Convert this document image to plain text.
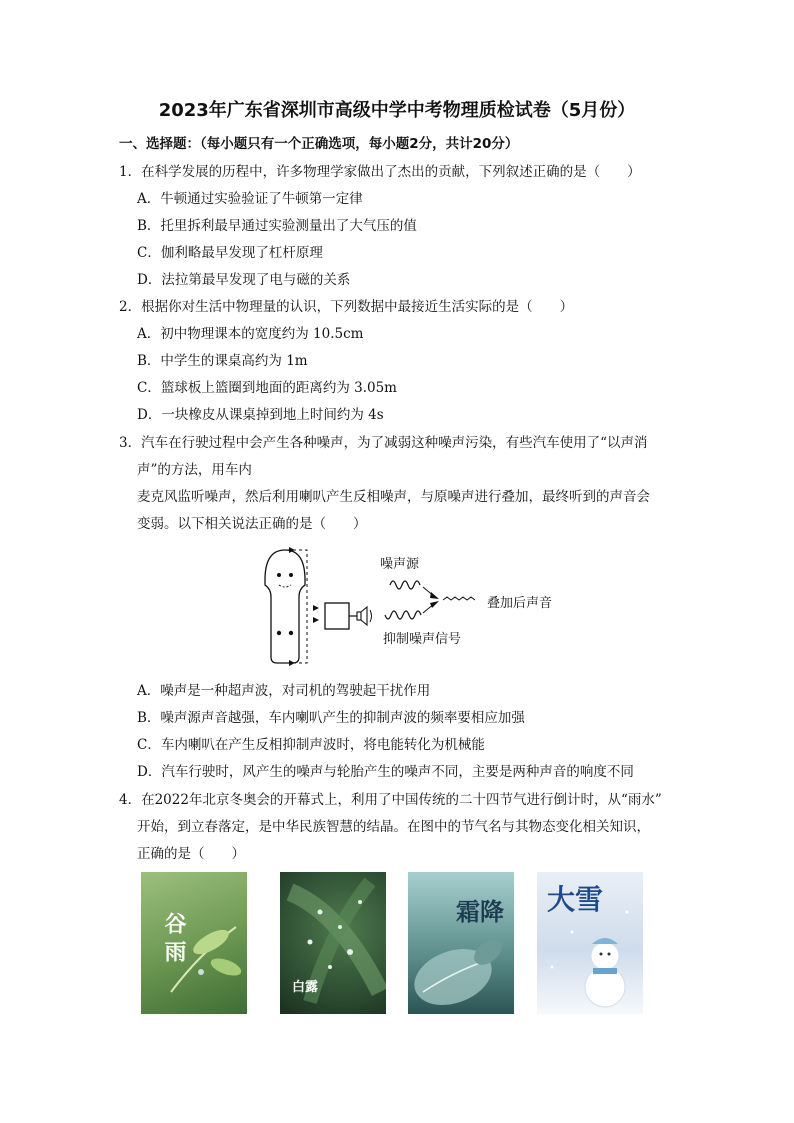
2023年广东省深圳市高级中学中考物理质检试卷（5月份）
一、选择题：（每小题只有一个正确选项，每小题2分，共计20分）
1．在科学发展的历程中，许多物理学家做出了杰出的贡献，下列叙述正确的是（　　）
A．牛顿通过实验验证了牛顿第一定律
B．托里拆利最早通过实验测量出了大气压的值
C．伽利略最早发现了杠杆原理
D．法拉第最早发现了电与磁的关系
2．根据你对生活中物理量的认识，下列数据中最接近生活实际的是（　　）
A．初中物理课本的宽度约为 10.5cm
B．中学生的课桌高约为 1m
C．篮球板上篮圈到地面的距离约为 3.05m
D．一块橡皮从课桌掉到地上时间约为 4s
3．汽车在行驶过程中会产生各种噪声，为了减弱这种噪声污染，有些汽车使用了“以声消
声”的方法，用车内
麦克风监听噪声，然后利用喇叭产生反相噪声，与原噪声进行叠加，最终听到的声音会
变弱。以下相关说法正确的是（　　）
噪声源
叠加后声音
抑制噪声信号
A．噪声是一种超声波，对司机的驾驶起干扰作用
B．噪声源声音越强，车内喇叭产生的抑制声波的频率要相应加强
C．车内喇叭在产生反相抑制声波时，将电能转化为机械能
D．汽车行驶时，风产生的噪声与轮胎产生的噪声不同，主要是两种声音的响度不同
4．在2022年北京冬奥会的开幕式上，利用了中国传统的二十四节气进行倒计时，从“雨水”
开始，到立春落定，是中华民族智慧的结晶。在图中的节气名与其物态变化相关知识，
正确的是（　　）
谷雨
白露
霜降 大雪
